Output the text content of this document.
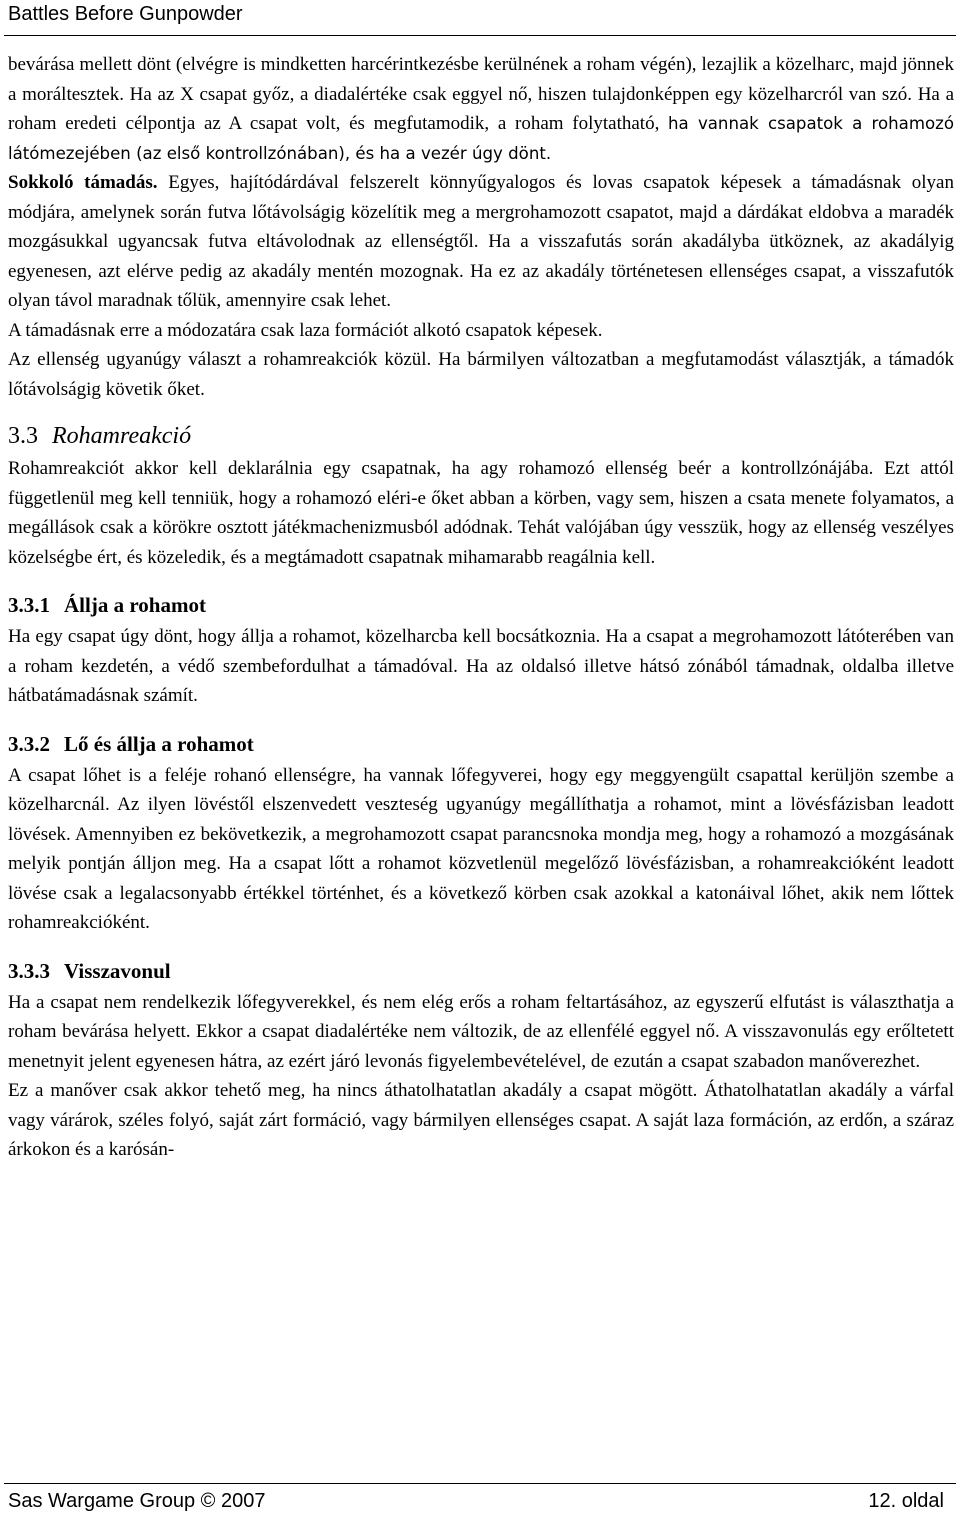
Battles Before Gunpowder

bevárása mellett dönt (elvégre is mindketten harcérintkezésbe kerülnének a roham végén), lezajlik a közelharc, majd jönnek a moráltesztek. Ha az X csapat győz, a diadalértéke csak eggyel nő, hiszen tulajdonképpen egy közelharcról van szó. Ha a roham eredeti célpontja az A csapat volt, és megfutamodik, a roham folytatható, ha vannak csapatok a rohamozó látómezejében (az első kontrollzónában), és ha a vezér úgy dönt.

Sokkoló támadás. Egyes, hajítódárdával felszerelt könnyűgyalogos és lovas csapatok képesek a támadásnak olyan módjára, amelynek során futva lőtávolságig közelítik meg a mergrohamozott csapatot, majd a dárdákat eldobva a maradék mozgásukkal ugyancsak futva eltávolodnak az ellenségtől. Ha a visszafutás során akadályba ütköznek, az akadályig egyenesen, azt elérve pedig az akadály mentén mozognak. Ha ez az akadály történetesen ellenséges csapat, a visszafutók olyan távol maradnak tőlük, amennyire csak lehet.

A támadásnak erre a módozatára csak laza formációt alkotó csapatok képesek.

Az ellenség ugyanúgy választ a rohamreakciók közül. Ha bármilyen változatban a megfutamodást választják, a támadók lőtávolságig követik őket.

3.3 Rohamreakció

Rohamreakciót akkor kell deklarálnia egy csapatnak, ha agy rohamozó ellenség beér a kontrollzónájába. Ezt attól függetlenül meg kell tenniük, hogy a rohamozó eléri-e őket abban a körben, vagy sem, hiszen a csata menete folyamatos, a megállások csak a körökre osztott játékmachenizmusból adódnak. Tehát valójában úgy vesszük, hogy az ellenség veszélyes közelségbe ért, és közeledik, és a megtámadott csapatnak mihamarabb reagálnia kell.

3.3.1 Állja a rohamot

Ha egy csapat úgy dönt, hogy állja a rohamot, közelharcba kell bocsátkoznia. Ha a csapat a megrohamozott látóterében van a roham kezdetén, a védő szembefordulhat a támadóval. Ha az oldalsó illetve hátsó zónából támadnak, oldalba illetve hátbatámadásnak számít.

3.3.2 Lő és állja a rohamot

A csapat lőhet is a feléje rohanó ellenségre, ha vannak lőfegyverei, hogy egy meggyengült csapattal kerüljön szembe a közelharcnál. Az ilyen lövéstől elszenvedett veszteség ugyanúgy megállíthatja a rohamot, mint a lövésfázisban leadott lövések. Amennyiben ez bekövetkezik, a megrohamozott csapat parancsnoka mondja meg, hogy a rohamozó a mozgásának melyik pontján álljon meg. Ha a csapat lőtt a rohamot közvetlenül megelőző lövésfázisban, a rohamreakcióként leadott lövése csak a legalacsonyabb értékkel történhet, és a következő körben csak azokkal a katonáival lőhet, akik nem lőttek rohamreakcióként.

3.3.3 Visszavonul

Ha a csapat nem rendelkezik lőfegyverekkel, és nem elég erős a roham feltartásához, az egyszerű elfutást is választhatja a roham bevárása helyett. Ekkor a csapat diadalértéke nem változik, de az ellenfélé eggyel nő. A visszavonulás egy erőltetett menetnyit jelent egyenesen hátra, az ezért járó levonás figyelembevételével, de ezután a csapat szabadon manőverezhet.

Ez a manőver csak akkor tehető meg, ha nincs áthatolhatatlan akadály a csapat mögött. Áthatolhatatlan akadály a várfal vagy várárok, széles folyó, saját zárt formáció, vagy bármilyen ellenséges csapat. A saját laza formáción, az erdőn, a száraz árkokon és a karósán-

Sas Wargame Group © 2007	12. oldal
